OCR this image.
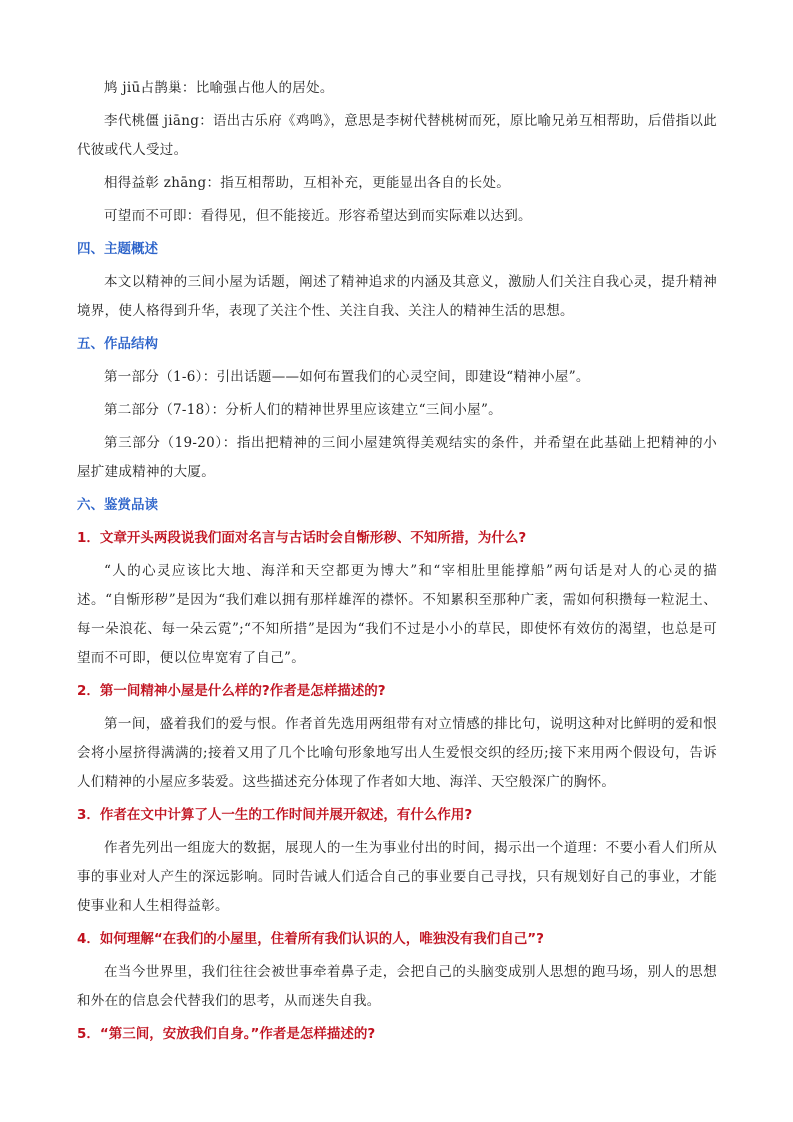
鸠 jiū占鹊巢：比喻强占他人的居处。

李代桃僵 jiāng：语出古乐府《鸡鸣》，意思是李树代替桃树而死，原比喻兄弟互相帮助，后借指以此代彼或代人受过。

相得益彰 zhāng：指互相帮助，互相补充，更能显出各自的长处。

可望而不可即：看得见，但不能接近。形容希望达到而实际难以达到。

四、主题概述

本文以精神的三间小屋为话题，阐述了精神追求的内涵及其意义，激励人们关注自我心灵，提升精神境界，使人格得到升华，表现了关注个性、关注自我、关注人的精神生活的思想。

五、作品结构

第一部分（1-6）：引出话题——如何布置我们的心灵空间，即建设“精神小屋”。

第二部分（7-18）：分析人们的精神世界里应该建立“三间小屋”。

第三部分（19-20）：指出把精神的三间小屋建筑得美观结实的条件，并希望在此基础上把精神的小屋扩建成精神的大厦。

六、鉴赏品读

1．文章开头两段说我们面对名言与古话时会自惭形秽、不知所措，为什么?

“人的心灵应该比大地、海洋和天空都更为博大”和“宰相肚里能撑船”两句话是对人的心灵的描述。“自惭形秽”是因为“我们难以拥有那样雄浑的襟怀。不知累积至那种广袤，需如何积攒每一粒泥土、每一朵浪花、每一朵云霓”;“不知所措”是因为“我们不过是小小的草民，即使怀有效仿的渴望，也总是可望而不可即，便以位卑宽宥了自己”。

2．第一间精神小屋是什么样的?作者是怎样描述的?

第一间，盛着我们的爱与恨。作者首先选用两组带有对立情感的排比句，说明这种对比鲜明的爱和恨会将小屋挤得满满的;接着又用了几个比喻句形象地写出人生爱恨交织的经历;接下来用两个假设句，告诉人们精神的小屋应多装爱。这些描述充分体现了作者如大地、海洋、天空般深广的胸怀。

3．作者在文中计算了人一生的工作时间并展开叙述，有什么作用?

作者先列出一组庞大的数据，展现人的一生为事业付出的时间，揭示出一个道理：不要小看人们所从事的事业对人产生的深远影响。同时告诫人们适合自己的事业要自己寻找，只有规划好自己的事业，才能使事业和人生相得益彰。

4．如何理解“在我们的小屋里，住着所有我们认识的人，唯独没有我们自己”?

在当今世界里，我们往往会被世事牵着鼻子走，会把自己的头脑变成别人思想的跑马场，别人的思想和外在的信息会代替我们的思考，从而迷失自我。

5．“第三间，安放我们自身。”作者是怎样描述的?
